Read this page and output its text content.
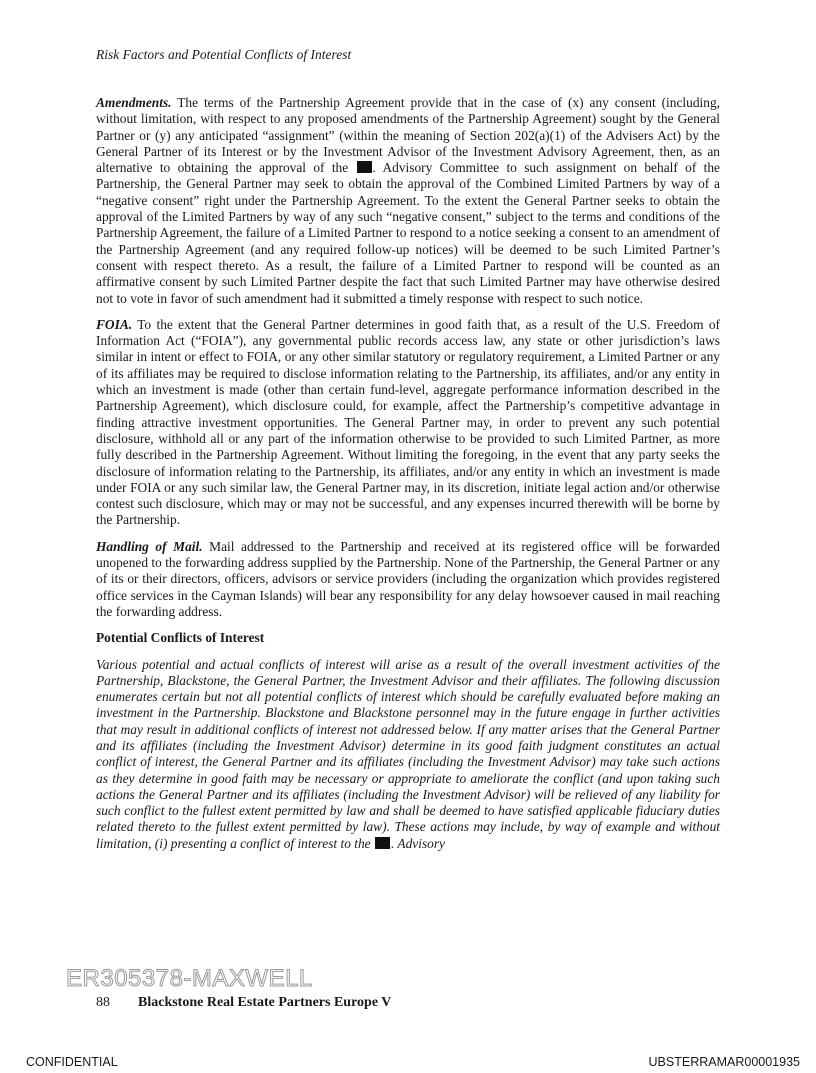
Risk Factors and Potential Conflicts of Interest

Amendments. The terms of the Partnership Agreement provide that in the case of (x) any consent (including, without limitation, with respect to any proposed amendments of the Partnership Agreement) sought by the General Partner or (y) any anticipated “assignment” (within the meaning of Section 202(a)(1) of the Advisers Act) by the General Partner of its Interest or by the Investment Advisor of the Investment Advisory Agreement, then, as an alternative to obtaining the approval of the . Advisory Committee to such assignment on behalf of the Partnership, the General Partner may seek to obtain the approval of the Combined Limited Partners by way of a “negative consent” right under the Partnership Agreement. To the extent the General Partner seeks to obtain the approval of the Limited Partners by way of any such “negative consent,” subject to the terms and conditions of the Partnership Agreement, the failure of a Limited Partner to respond to a notice seeking a consent to an amendment of the Partnership Agreement (and any required follow-up notices) will be deemed to be such Limited Partner’s consent with respect thereto. As a result, the failure of a Limited Partner to respond will be counted as an affirmative consent by such Limited Partner despite the fact that such Limited Partner may have otherwise desired not to vote in favor of such amendment had it submitted a timely response with respect to such notice.

FOIA. To the extent that the General Partner determines in good faith that, as a result of the U.S. Freedom of Information Act (“FOIA”), any governmental public records access law, any state or other jurisdiction’s laws similar in intent or effect to FOIA, or any other similar statutory or regulatory requirement, a Limited Partner or any of its affiliates may be required to disclose information relating to the Partnership, its affiliates, and/or any entity in which an investment is made (other than certain fund-level, aggregate performance information described in the Partnership Agreement), which disclosure could, for example, affect the Partnership’s competitive advantage in finding attractive investment opportunities. The General Partner may, in order to prevent any such potential disclosure, withhold all or any part of the information otherwise to be provided to such Limited Partner, as more fully described in the Partnership Agreement. Without limiting the foregoing, in the event that any party seeks the disclosure of information relating to the Partnership, its affiliates, and/or any entity in which an investment is made under FOIA or any such similar law, the General Partner may, in its discretion, initiate legal action and/or otherwise contest such disclosure, which may or may not be successful, and any expenses incurred therewith will be borne by the Partnership.

Handling of Mail. Mail addressed to the Partnership and received at its registered office will be forwarded unopened to the forwarding address supplied by the Partnership. None of the Partnership, the General Partner or any of its or their directors, officers, advisors or service providers (including the organization which provides registered office services in the Cayman Islands) will bear any responsibility for any delay howsoever caused in mail reaching the forwarding address.

Potential Conflicts of Interest

Various potential and actual conflicts of interest will arise as a result of the overall investment activities of the Partnership, Blackstone, the General Partner, the Investment Advisor and their affiliates. The following discussion enumerates certain but not all potential conflicts of interest which should be carefully evaluated before making an investment in the Partnership. Blackstone and Blackstone personnel may in the future engage in further activities that may result in additional conflicts of interest not addressed below. If any matter arises that the General Partner and its affiliates (including the Investment Advisor) determine in its good faith judgment constitutes an actual conflict of interest, the General Partner and its affiliates (including the Investment Advisor) may take such actions as they determine in good faith may be necessary or appropriate to ameliorate the conflict (and upon taking such actions the General Partner and its affiliates (including the Investment Advisor) will be relieved of any liability for such conflict to the fullest extent permitted by law and shall be deemed to have satisfied applicable fiduciary duties related thereto to the fullest extent permitted by law). These actions may include, by way of example and without limitation, (i) presenting a conflict of interest to the . Advisory

ER305378-MAXWELL
88 Blackstone Real Estate Partners Europe V
CONFIDENTIAL	UBSTERRAMAR00001935
